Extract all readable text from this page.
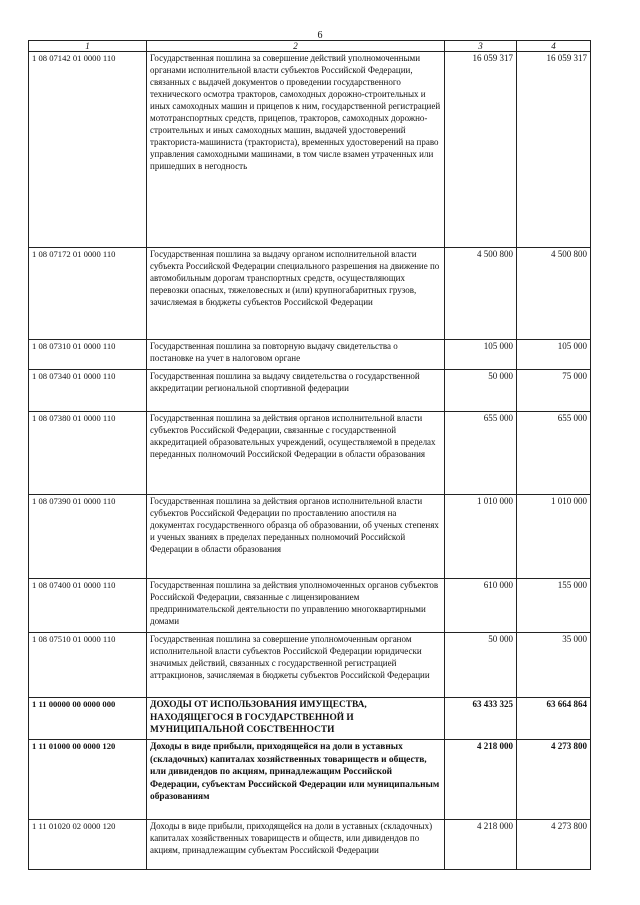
6
1	2	3	4
1 08 07142 01 0000 110	Государственная пошлина за совершение действий уполномоченными органами исполнительной власти субъектов Российской Федерации, связанных с выдачей документов о проведении государственного технического осмотра тракторов, самоходных дорожно-строительных и иных самоходных машин и прицепов к ним, государственной регистрацией мототранспортных средств, прицепов, тракторов, самоходных дорожно-строительных и иных самоходных машин, выдачей удостоверений тракториста-машиниста (тракториста), временных удостоверений на право управления самоходными машинами, в том числе взамен утраченных или пришедших в негодность	16 059 317	16 059 317
1 08 07172 01 0000 110	Государственная пошлина за выдачу органом исполнительной власти субъекта Российской Федерации специального разрешения на движение по автомобильным дорогам транспортных средств, осуществляющих перевозки опасных, тяжеловесных и (или) крупногабаритных грузов, зачисляемая в бюджеты субъектов Российской Федерации	4 500 800	4 500 800
1 08 07310 01 0000 110	Государственная пошлина за повторную выдачу свидетельства о постановке на учет в налоговом органе	105 000	105 000
1 08 07340 01 0000 110	Государственная пошлина за выдачу свидетельства о государственной аккредитации региональной спортивной федерации	50 000	75 000
1 08 07380 01 0000 110	Государственная пошлина за действия органов исполнительной власти субъектов Российской Федерации, связанные с государственной аккредитацией образовательных учреждений, осуществляемой в пределах переданных полномочий Российской Федерации в области образования	655 000	655 000
1 08 07390 01 0000 110	Государственная пошлина за действия органов исполнительной власти субъектов Российской Федерации по проставлению апостиля на документах государственного образца об образовании, об ученых степенях и ученых званиях в пределах переданных полномочий Российской Федерации в области образования	1 010 000	1 010 000
1 08 07400 01 0000 110	Государственная пошлина за действия уполномоченных органов субъектов Российской Федерации, связанные с лицензированием предпринимательской деятельности по управлению многоквартирными домами	610 000	155 000
1 08 07510 01 0000 110	Государственная пошлина за совершение уполномоченным органом исполнительной власти субъектов Российской Федерации юридически значимых действий, связанных с государственной регистрацией аттракционов, зачисляемая в бюджеты субъектов Российской Федерации	50 000	35 000
1 11 00000 00 0000 000	ДОХОДЫ ОТ ИСПОЛЬЗОВАНИЯ ИМУЩЕСТВА, НАХОДЯЩЕГОСЯ В ГОСУДАРСТВЕННОЙ И МУНИЦИПАЛЬНОЙ СОБСТВЕННОСТИ	63 433 325	63 664 864
1 11 01000 00 0000 120	Доходы в виде прибыли, приходящейся на доли в уставных (складочных) капиталах хозяйственных товариществ и обществ, или дивидендов по акциям, принадлежащим Российской Федерации, субъектам Российской Федерации или муниципальным образованиям	4 218 000	4 273 800
1 11 01020 02 0000 120	Доходы в виде прибыли, приходящейся на доли в уставных (складочных) капиталах хозяйственных товариществ и обществ, или дивидендов по акциям, принадлежащим субъектам Российской Федерации	4 218 000	4 273 800
